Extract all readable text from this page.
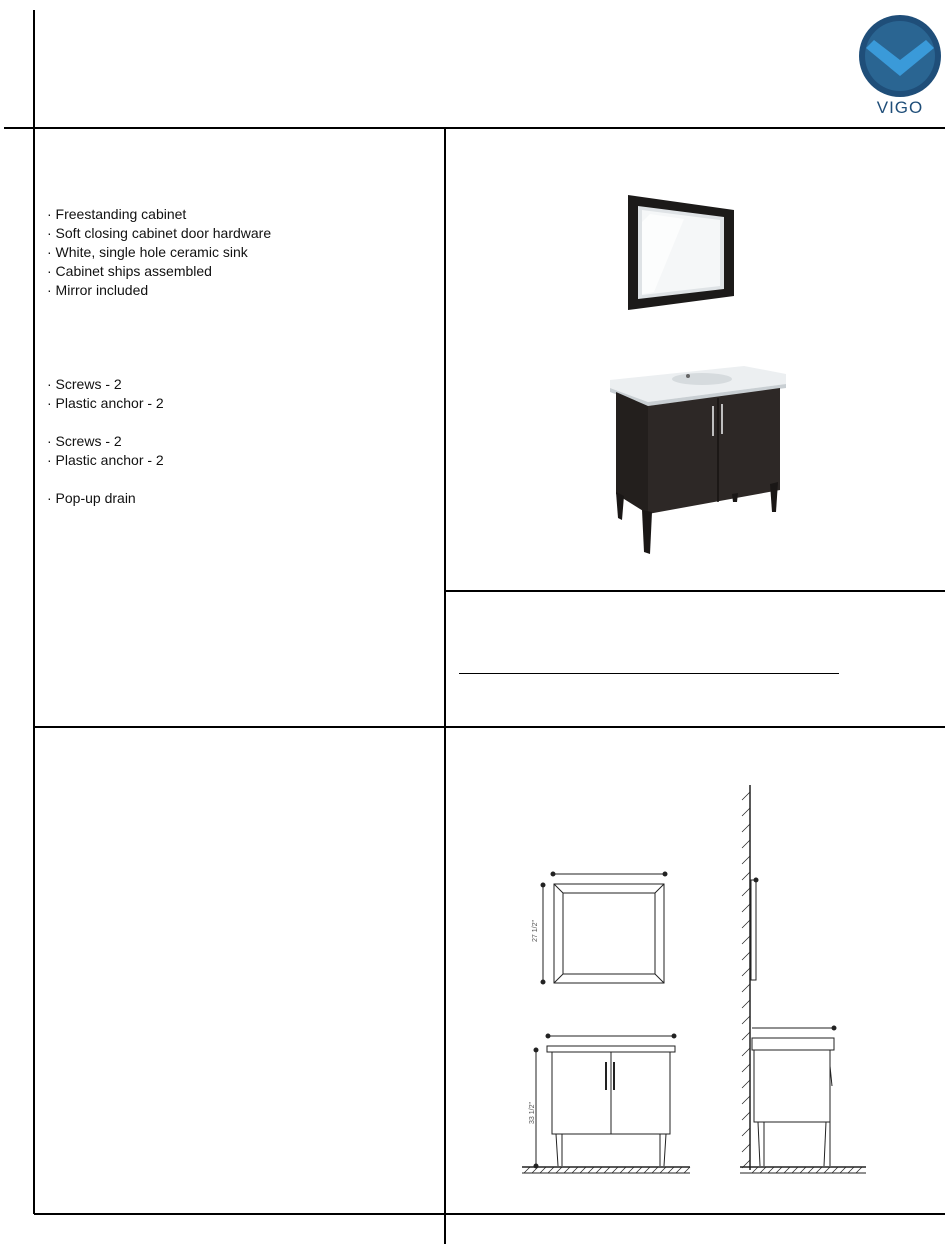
VIGO
· Freestanding cabinet
· Soft closing cabinet door hardware
· White, single hole ceramic sink
· Cabinet ships assembled
· Mirror included
· Screws - 2
· Plastic anchor - 2
· Screws - 2
· Plastic anchor - 2
· Pop-up drain
27 1/2"
33 1/2"
